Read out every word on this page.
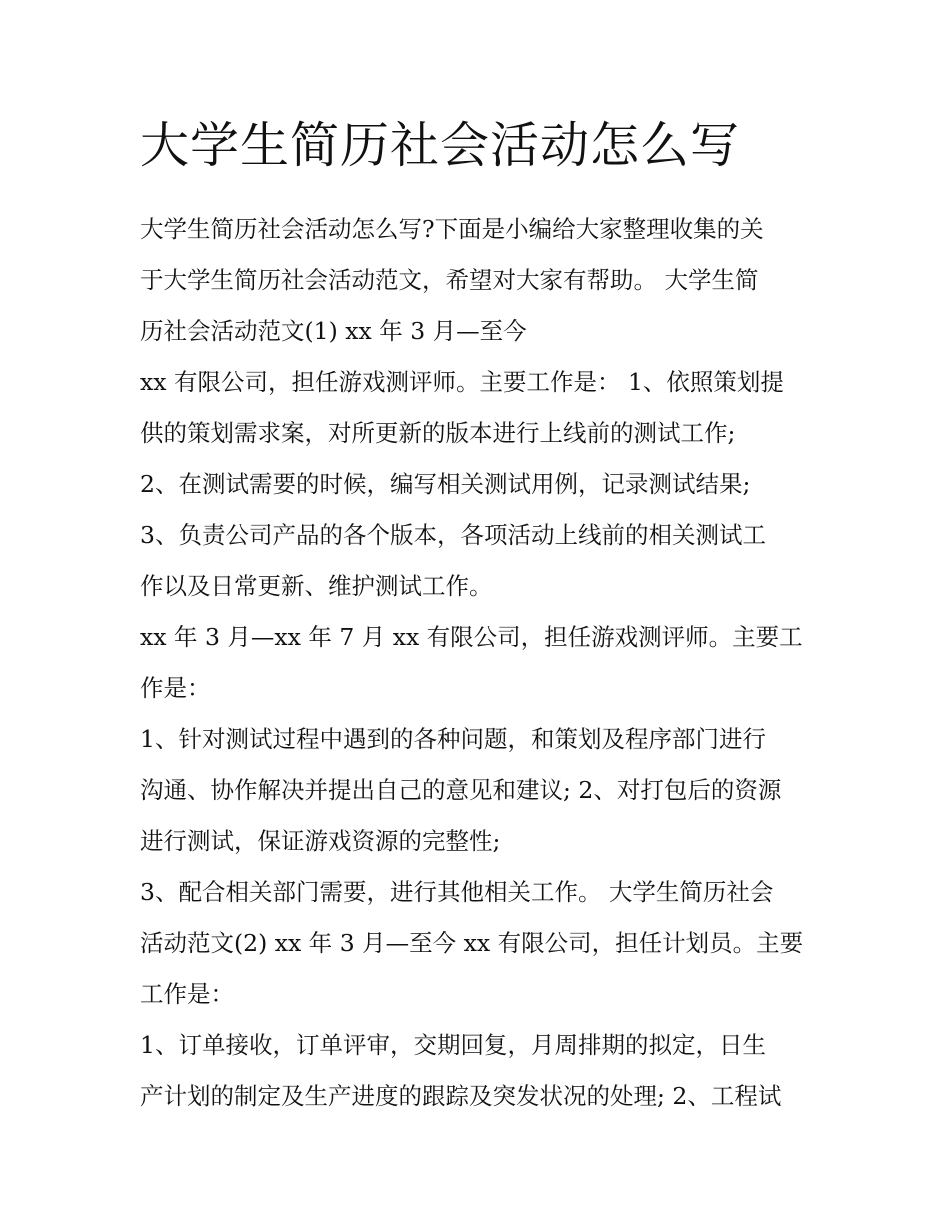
大学生简历社会活动怎么写

大学生简历社会活动怎么写?下面是小编给大家整理收集的关

于大学生简历社会活动范文，希望对大家有帮助。 大学生简

历社会活动范文(1) xx 年 3 月—至今

xx 有限公司，担任游戏测评师。主要工作是： 1、依照策划提

供的策划需求案，对所更新的版本进行上线前的测试工作;

2、在测试需要的时候，编写相关测试用例，记录测试结果;

3、负责公司产品的各个版本，各项活动上线前的相关测试工

作以及日常更新、维护测试工作。

xx 年 3 月—xx 年 7 月 xx 有限公司，担任游戏测评师。主要工

作是：

1、针对测试过程中遇到的各种问题，和策划及程序部门进行

沟通、协作解决并提出自己的意见和建议; 2、对打包后的资源

进行测试，保证游戏资源的完整性;

3、配合相关部门需要，进行其他相关工作。 大学生简历社会

活动范文(2) xx 年 3 月—至今 xx 有限公司，担任计划员。主要

工作是：

1、订单接收，订单评审，交期回复，月周排期的拟定，日生

产计划的制定及生产进度的跟踪及突发状况的处理; 2、工程试
